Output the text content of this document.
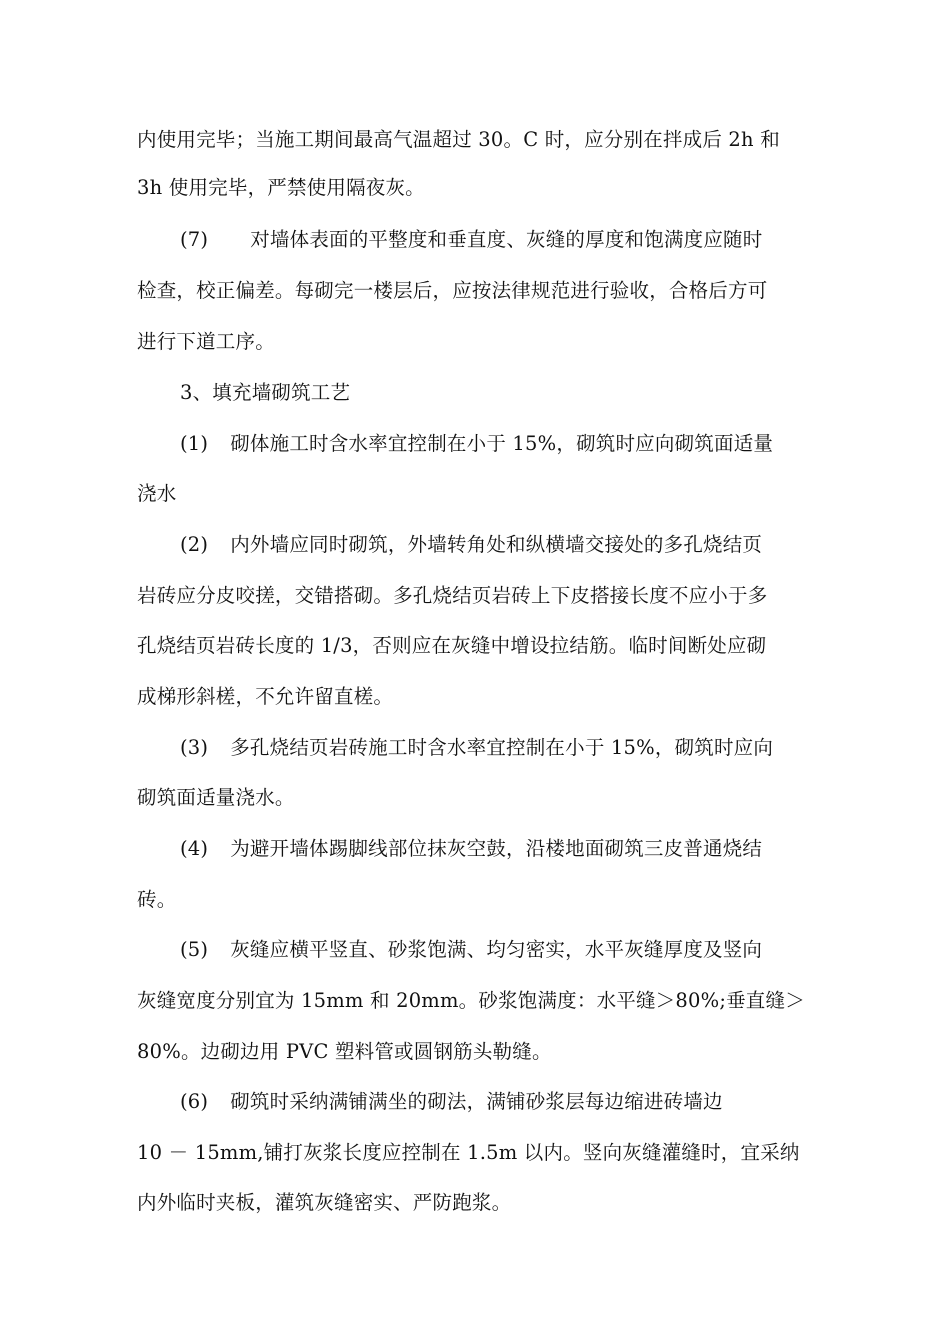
内使用完毕；当施工期间最高气温超过 30。C 时，应分别在拌成后 2h 和
3h 使用完毕，严禁使用隔夜灰。
(7) 对墙体表面的平整度和垂直度、灰缝的厚度和饱满度应随时
检查，校正偏差。每砌完一楼层后，应按法律规范进行验收，合格后方可
进行下道工序。
3、填充墙砌筑工艺
(1) 砌体施工时含水率宜控制在小于 15%，砌筑时应向砌筑面适量
浇水
(2) 内外墙应同时砌筑，外墙转角处和纵横墙交接处的多孔烧结页
岩砖应分皮咬搓，交错搭砌。多孔烧结页岩砖上下皮搭接长度不应小于多
孔烧结页岩砖长度的 1/3，否则应在灰缝中增设拉结筋。临时间断处应砌
成梯形斜槎，不允许留直槎。
(3) 多孔烧结页岩砖施工时含水率宜控制在小于 15%，砌筑时应向
砌筑面适量浇水。
(4) 为避开墙体踢脚线部位抹灰空鼓，沿楼地面砌筑三皮普通烧结
砖。
(5) 灰缝应横平竖直、砂浆饱满、均匀密实，水平灰缝厚度及竖向
灰缝宽度分别宜为 15mm 和 20mm。砂浆饱满度：水平缝＞80%;垂直缝＞
80%。边砌边用 PVC 塑料管或圆钢筋头勒缝。
(6) 砌筑时采纳满铺满坐的砌法，满铺砂浆层每边缩进砖墙边
10 － 15mm,铺打灰浆长度应控制在 1.5m 以内。竖向灰缝灌缝时，宜采纳
内外临时夹板，灌筑灰缝密实、严防跑浆。
